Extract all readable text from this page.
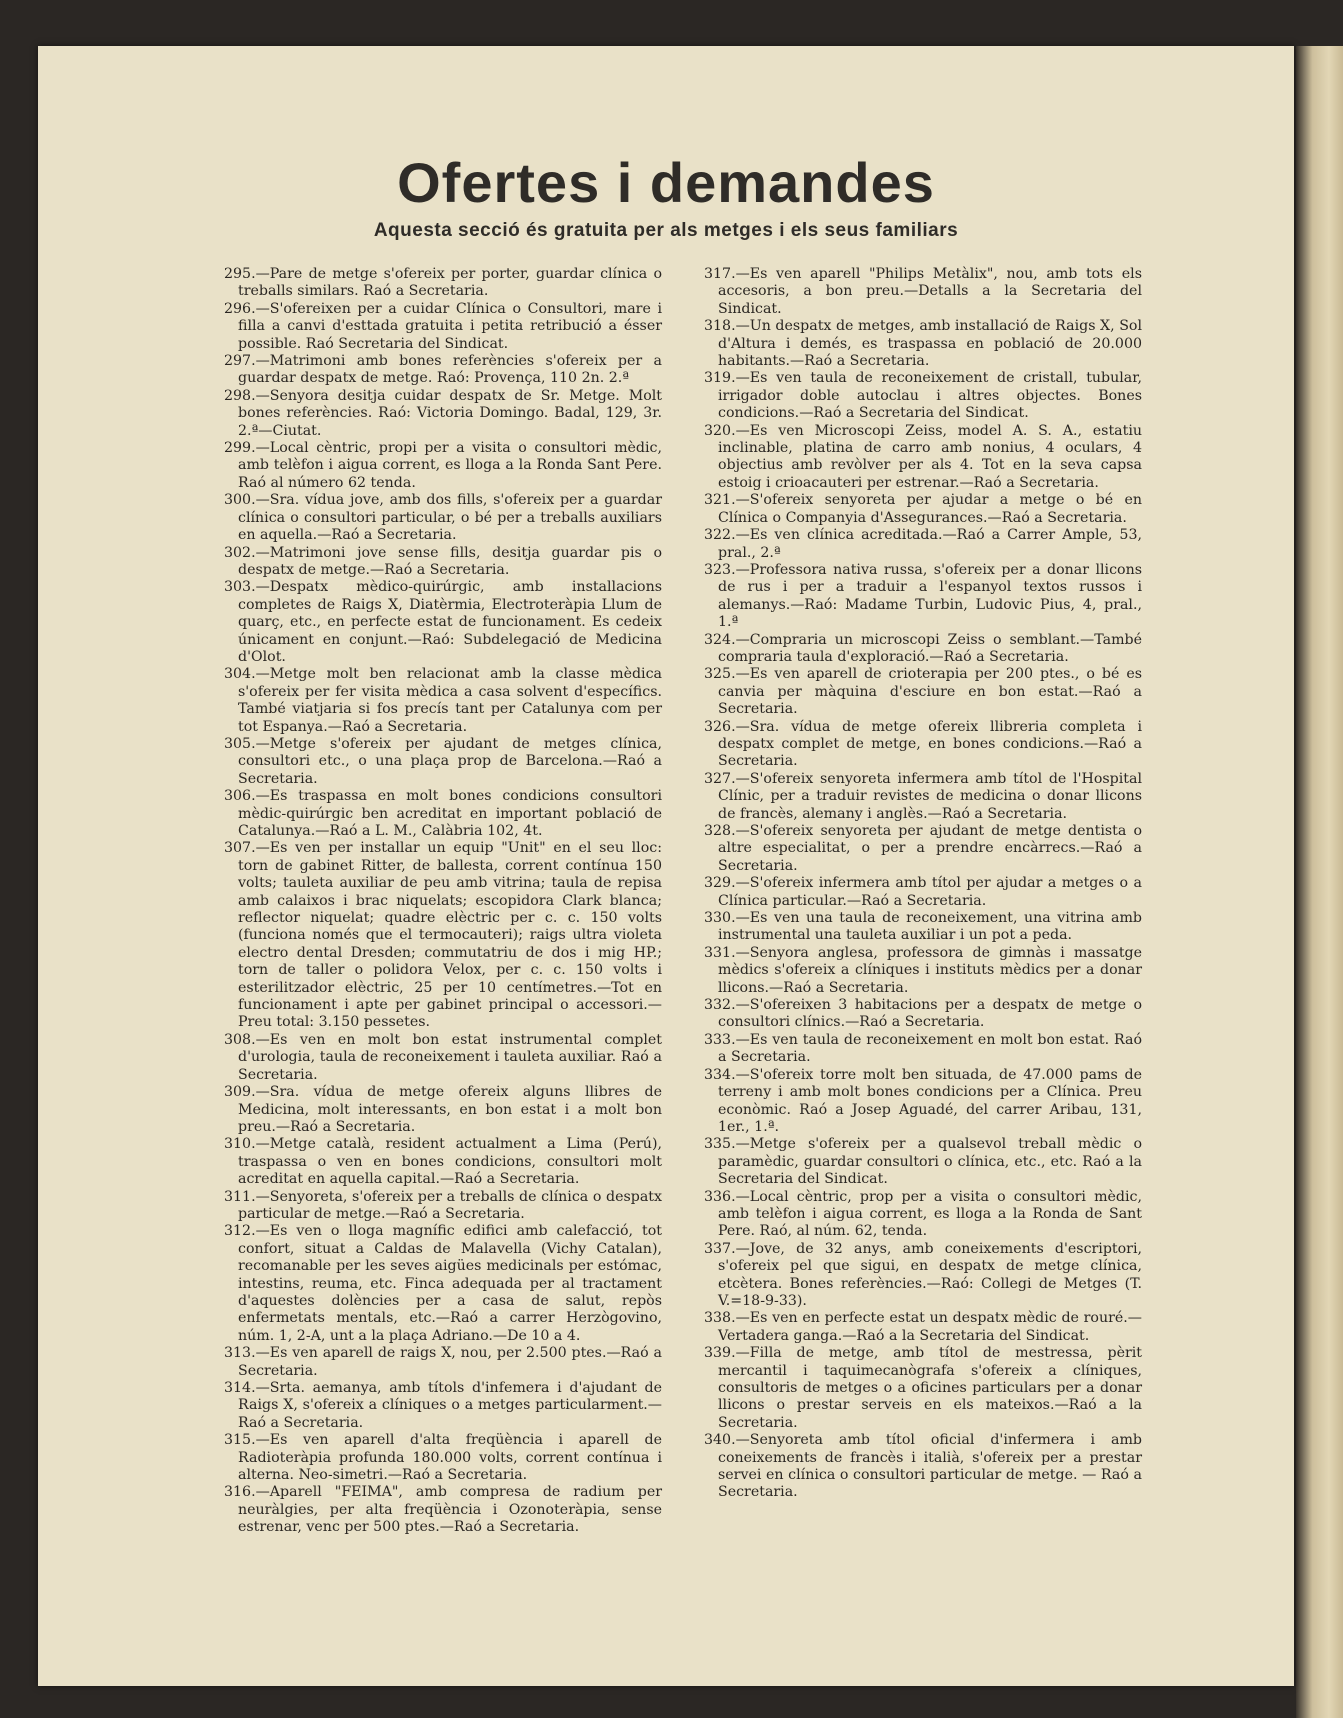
Ofertes i demandes
Aquesta secció és gratuita per als metges i els seus familiars

295.—Pare de metge s'ofereix per porter, guardar clínica o treballs similars. Raó a Secretaria.

296.—S'ofereixen per a cuidar Clínica o Consultori, mare i filla a canvi d'esttada gratuita i petita retribució a ésser possible. Raó Secretaria del Sindicat.

297.—Matrimoni amb bones referències s'ofereix per a guardar despatx de metge. Raó: Provença, 110 2n. 2.ª

298.—Senyora desitja cuidar despatx de Sr. Metge. Molt bones referències. Raó: Victoria Domingo. Badal, 129, 3r. 2.ª—Ciutat.

299.—Local cèntric, propi per a visita o consultori mèdic, amb telèfon i aigua corrent, es lloga a la Ronda Sant Pere. Raó al número 62 tenda.

300.—Sra. vídua jove, amb dos fills, s'ofereix per a guardar clínica o consultori particular, o bé per a treballs auxiliars en aquella.—Raó a Secretaria.

302.—Matrimoni jove sense fills, desitja guardar pis o despatx de metge.—Raó a Secretaria.

303.—Despatx mèdico-quirúrgic, amb installacions completes de Raigs X, Diatèrmia, Electroteràpia Llum de quarç, etc., en perfecte estat de funcionament. Es cedeix únicament en conjunt.—Raó: Subdelegació de Medicina d'Olot.

304.—Metge molt ben relacionat amb la classe mèdica s'ofereix per fer visita mèdica a casa solvent d'específics. També viatjaria si fos precís tant per Catalunya com per tot Espanya.—Raó a Secretaria.

305.—Metge s'ofereix per ajudant de metges clínica, consultori etc., o una plaça prop de Barcelona.—Raó a Secretaria.

306.—Es traspassa en molt bones condicions consultori mèdic-quirúrgic ben acreditat en important població de Catalunya.—Raó a L. M., Calàbria 102, 4t.

307.—Es ven per installar un equip "Unit" en el seu lloc: torn de gabinet Ritter, de ballesta, corrent contínua 150 volts; tauleta auxiliar de peu amb vitrina; taula de repisa amb calaixos i brac niquelats; escopidora Clark blanca; reflector niquelat; quadre elèctric per c. c. 150 volts (funciona només que el termocauteri); raigs ultra violeta electro dental Dresden; commutatriu de dos i mig HP.; torn de taller o polidora Velox, per c. c. 150 volts i esterilitzador elèctric, 25 per 10 centímetres.—Tot en funcionament i apte per gabinet principal o accessori.—Preu total: 3.150 pessetes.

308.—Es ven en molt bon estat instrumental complet d'urologia, taula de reconeixement i tauleta auxiliar. Raó a Secretaria.

309.—Sra. vídua de metge ofereix alguns llibres de Medicina, molt interessants, en bon estat i a molt bon preu.—Raó a Secretaria.

310.—Metge català, resident actualment a Lima (Perú), traspassa o ven en bones condicions, consultori molt acreditat en aquella capital.—Raó a Secretaria.

311.—Senyoreta, s'ofereix per a treballs de clínica o despatx particular de metge.—Raó a Secretaria.

312.—Es ven o lloga magnífic edifici amb calefacció, tot confort, situat a Caldas de Malavella (Vichy Catalan), recomanable per les seves aigües medicinals per estómac, intestins, reuma, etc. Finca adequada per al tractament d'aquestes dolències per a casa de salut, repòs enfermetats mentals, etc.—Raó a carrer Herzògovino, núm. 1, 2-A, unt a la plaça Adriano.—De 10 a 4.

313.—Es ven aparell de raigs X, nou, per 2.500 ptes.—Raó a Secretaria.

314.—Srta. aemanya, amb títols d'infemera i d'ajudant de Raigs X, s'ofereix a clíniques o a metges particularment.—Raó a Secretaria.

315.—Es ven aparell d'alta freqüència i aparell de Radioteràpia profunda 180.000 volts, corrent contínua i alterna. Neo-simetri.—Raó a Secretaria.

316.—Aparell "FEIMA", amb compresa de radium per neuràlgies, per alta freqüència i Ozonoteràpia, sense estrenar, venc per 500 ptes.—Raó a Secretaria.

317.—Es ven aparell "Philips Metàlix", nou, amb tots els accesoris, a bon preu.—Detalls a la Secretaria del Sindicat.

318.—Un despatx de metges, amb installació de Raigs X, Sol d'Altura i demés, es traspassa en població de 20.000 habitants.—Raó a Secretaria.

319.—Es ven taula de reconeixement de cristall, tubular, irrigador doble autoclau i altres objectes. Bones condicions.—Raó a Secretaria del Sindicat.

320.—Es ven Microscopi Zeiss, model A. S. A., estatiu inclinable, platina de carro amb nonius, 4 oculars, 4 objectius amb revòlver per als 4. Tot en la seva capsa estoig i crioacauteri per estrenar.—Raó a Secretaria.

321.—S'ofereix senyoreta per ajudar a metge o bé en Clínica o Companyia d'Assegurances.—Raó a Secretaria.

322.—Es ven clínica acreditada.—Raó a Carrer Ample, 53, pral., 2.ª

323.—Professora nativa russa, s'ofereix per a donar llicons de rus i per a traduir a l'espanyol textos russos i alemanys.—Raó: Madame Turbin, Ludovic Pius, 4, pral., 1.ª

324.—Compraria un microscopi Zeiss o semblant.—També compraria taula d'exploració.—Raó a Secretaria.

325.—Es ven aparell de crioterapia per 200 ptes., o bé es canvia per màquina d'esciure en bon estat.—Raó a Secretaria.

326.—Sra. vídua de metge ofereix llibreria completa i despatx complet de metge, en bones condicions.—Raó a Secretaria.

327.—S'ofereix senyoreta infermera amb títol de l'Hospital Clínic, per a traduir revistes de medicina o donar llicons de francès, alemany i anglès.—Raó a Secretaria.

328.—S'ofereix senyoreta per ajudant de metge dentista o altre especialitat, o per a prendre encàrrecs.—Raó a Secretaria.

329.—S'ofereix infermera amb títol per ajudar a metges o a Clínica particular.—Raó a Secretaria.

330.—Es ven una taula de reconeixement, una vitrina amb instrumental una tauleta auxiliar i un pot a peda.

331.—Senyora anglesa, professora de gimnàs i massatge mèdics s'ofereix a clíniques i instituts mèdics per a donar llicons.—Raó a Secretaria.

332.—S'ofereixen 3 habitacions per a despatx de metge o consultori clínics.—Raó a Secretaria.

333.—Es ven taula de reconeixement en molt bon estat. Raó a Secretaria.

334.—S'ofereix torre molt ben situada, de 47.000 pams de terreny i amb molt bones condicions per a Clínica. Preu econòmic. Raó a Josep Aguadé, del carrer Aribau, 131, 1er., 1.ª.

335.—Metge s'ofereix per a qualsevol treball mèdic o paramèdic, guardar consultori o clínica, etc., etc. Raó a la Secretaria del Sindicat.

336.—Local cèntric, prop per a visita o consultori mèdic, amb telèfon i aigua corrent, es lloga a la Ronda de Sant Pere. Raó, al núm. 62, tenda.

337.—Jove, de 32 anys, amb coneixements d'escriptori, s'ofereix pel que sigui, en despatx de metge clínica, etcètera. Bones referències.—Raó: Collegi de Metges (T. V.=18-9-33).

338.—Es ven en perfecte estat un despatx mèdic de rouré.—Vertadera ganga.—Raó a la Secretaria del Sindicat.

339.—Filla de metge, amb títol de mestressa, pèrit mercantil i taquimecanògrafa s'ofereix a clíniques, consultoris de metges o a oficines particulars per a donar llicons o prestar serveis en els mateixos.—Raó a la Secretaria.

340.—Senyoreta amb títol oficial d'infermera i amb coneixements de francès i italià, s'ofereix per a prestar servei en clínica o consultori particular de metge. — Raó a Secretaria.
